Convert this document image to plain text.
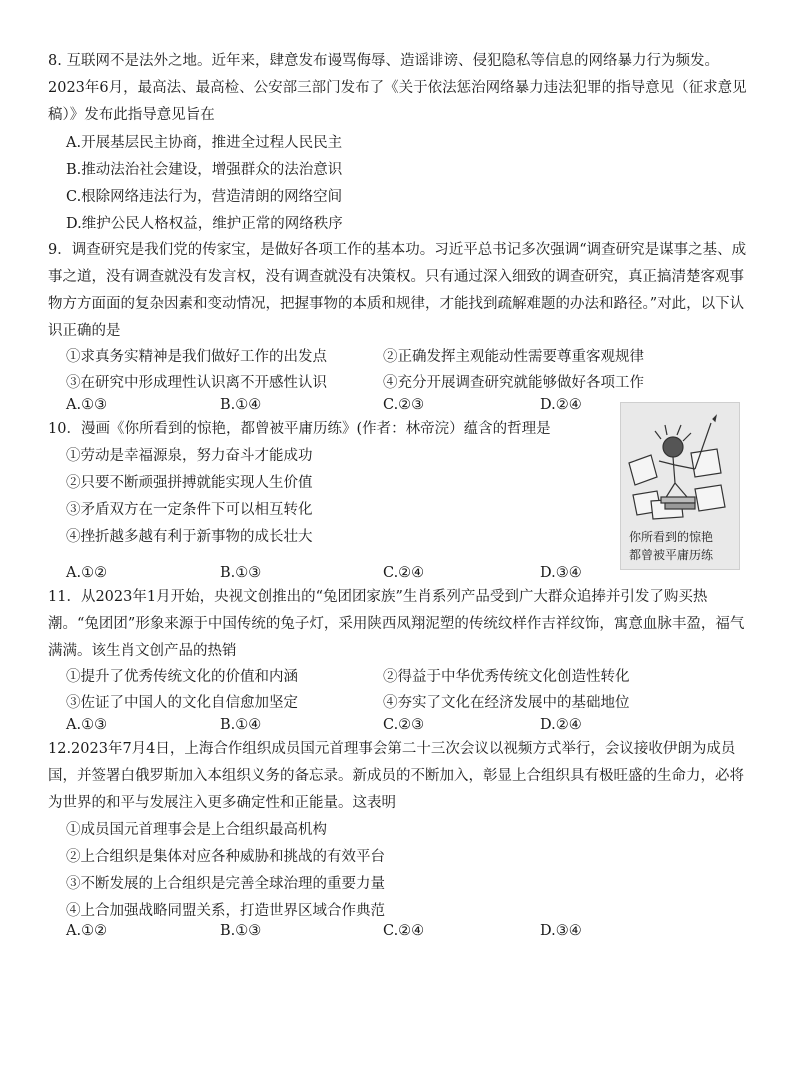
8. 互联网不是法外之地。近年来，肆意发布谩骂侮辱、造谣诽谤、侵犯隐私等信息的网络暴力行为频发。2023年6月，最高法、最高检、公安部三部门发布了《关于依法惩治网络暴力违法犯罪的指导意见（征求意见稿）》发布此指导意见旨在

A.开展基层民主协商，推进全过程人民民主
B.推动法治社会建设，增强群众的法治意识
C.根除网络违法行为，营造清朗的网络空间
D.维护公民人格权益，维护正常的网络秩序

9．调查研究是我们党的传家宝，是做好各项工作的基本功。习近平总书记多次强调“调查研究是谋事之基、成事之道，没有调查就没有发言权，没有调查就没有决策权。只有通过深入细致的调查研究，真正搞清楚客观事物方方面面的复杂因素和变动情况，把握事物的本质和规律，才能找到疏解难题的办法和路径。”对此，以下认识正确的是

①求真务实精神是我们做好工作的出发点	②正确发挥主观能动性需要尊重客观规律
③在研究中形成理性认识离不开感性认识	④充分开展调查研究就能够做好各项工作
A.①③	B.①④	C.②③	D.②④
10．漫画《你所看到的惊艳，都曾被平庸历练》(作者：林帝浣）蕴含的哲理是
①劳动是幸福源泉，努力奋斗才能成功
②只要不断顽强拼搏就能实现人生价值
③矛盾双方在一定条件下可以相互转化
④挫折越多越有利于新事物的成长壮大
A.①②	B.①③	C.②④	D.③④
你所看到的惊艳
都曾被平庸历练

11．从2023年1月开始，央视文创推出的“兔团团家族”生肖系列产品受到广大群众追捧并引发了购买热潮。“兔团团”形象来源于中国传统的兔子灯，采用陕西凤翔泥塑的传统纹样作吉祥纹饰，寓意血脉丰盈，福气满满。该生肖文创产品的热销

①提升了优秀传统文化的价值和内涵	②得益于中华优秀传统文化创造性转化
③佐证了中国人的文化自信愈加坚定	④夯实了文化在经济发展中的基础地位
A.①③	B.①④	C.②③	D.②④

12.2023年7月4日，上海合作组织成员国元首理事会第二十三次会议以视频方式举行，会议接收伊朗为成员国，并签署白俄罗斯加入本组织义务的备忘录。新成员的不断加入，彰显上合组织具有极旺盛的生命力，必将为世界的和平与发展注入更多确定性和正能量。这表明

①成员国元首理事会是上合组织最高机构
②上合组织是集体对应各种威胁和挑战的有效平台
③不断发展的上合组织是完善全球治理的重要力量
④上合加强战略同盟关系，打造世界区域合作典范
A.①②	B.①③	C.②④	D.③④
